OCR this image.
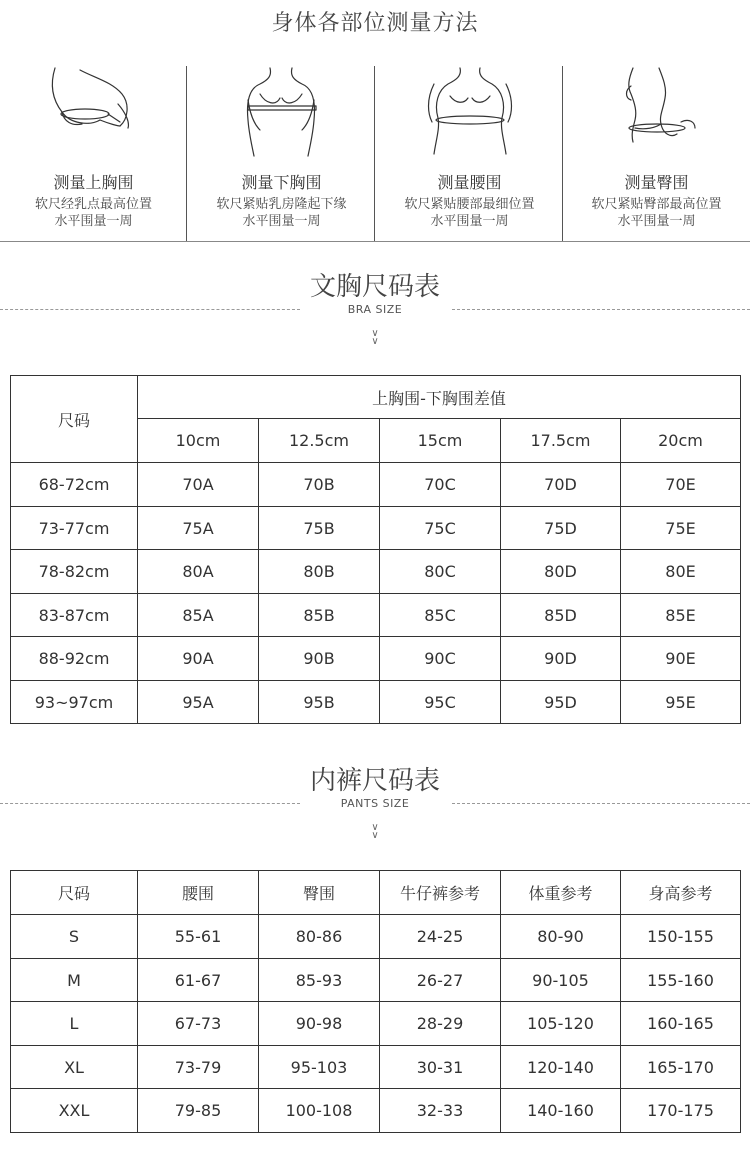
身体各部位测量方法
测量上胸围
软尺经乳点最高位置
水平围量一周
测量下胸围
软尺紧贴乳房隆起下缘
水平围量一周
测量腰围
软尺紧贴腰部最细位置
水平围量一周
测量臀围
软尺紧贴臀部最高位置
水平围量一周
文胸尺码表
BRA SIZE
∨
∨
尺码	上胸围-下胸围差值				
	10cm	12.5cm	15cm	17.5cm	20cm
68-72cm	70A	70B	70C	70D	70E
73-77cm	75A	75B	75C	75D	75E
78-82cm	80A	80B	80C	80D	80E
83-87cm	85A	85B	85C	85D	85E
88-92cm	90A	90B	90C	90D	90E
93~97cm	95A	95B	95C	95D	95E
内裤尺码表
PANTS SIZE
∨
∨
尺码	腰围	臀围	牛仔裤参考	体重参考	身高参考
S	55-61	80-86	24-25	80-90	150-155
M	61-67	85-93	26-27	90-105	155-160
L	67-73	90-98	28-29	105-120	160-165
XL	73-79	95-103	30-31	120-140	165-170
XXL	79-85	100-108	32-33	140-160	170-175
